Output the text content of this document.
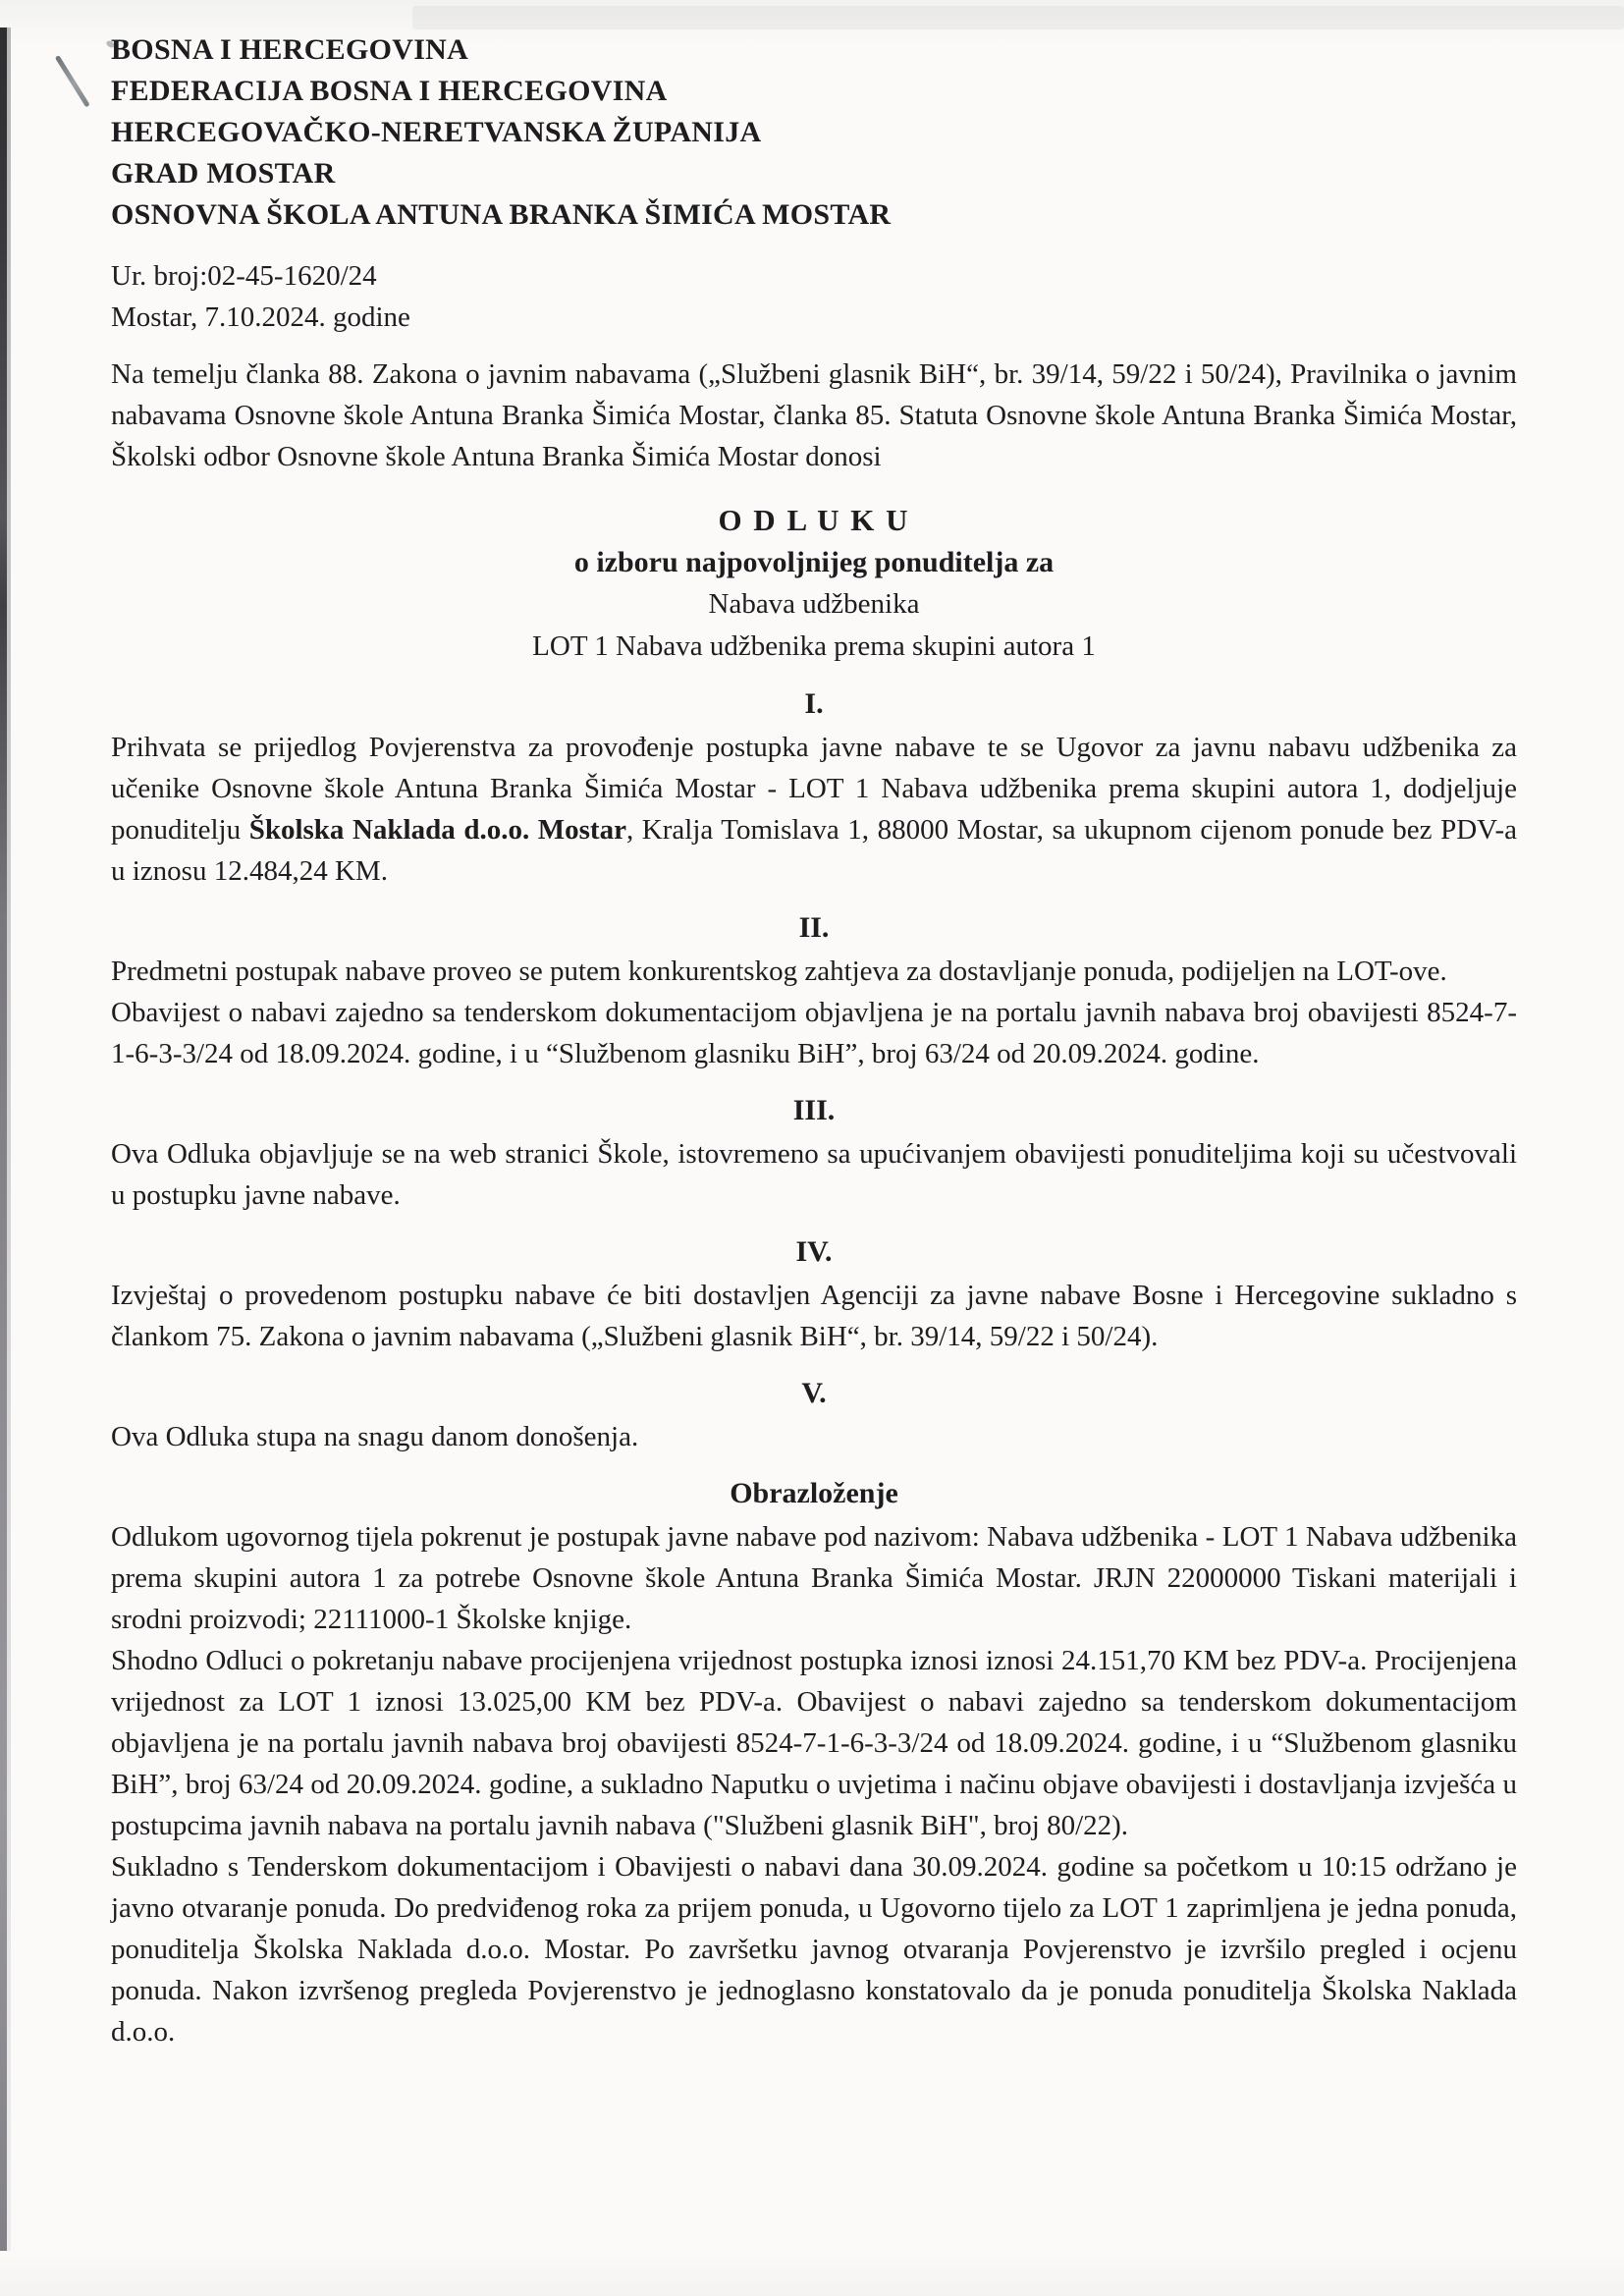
BOSNA I HERCEGOVINA
FEDERACIJA BOSNA I HERCEGOVINA
HERCEGOVAČKO-NERETVANSKA ŽUPANIJA
GRAD MOSTAR
OSNOVNA ŠKOLA ANTUNA BRANKA ŠIMIĆA MOSTAR
Ur. broj:02-45-1620/24
Mostar, 7.10.2024. godine

Na temelju članka 88. Zakona o javnim nabavama („Službeni glasnik BiH“, br. 39/14, 59/22 i 50/24), Pravilnika o javnim nabavama Osnovne škole Antuna Branka Šimića Mostar, članka 85. Statuta Osnovne škole Antuna Branka Šimića Mostar, Školski odbor Osnovne škole Antuna Branka Šimića Mostar donosi

O D L U K U
o izboru najpovoljnijeg ponuditelja za
Nabava udžbenika
LOT 1 Nabava udžbenika prema skupini autora 1
I.

Prihvata se prijedlog Povjerenstva za provođenje postupka javne nabave te se Ugovor za javnu nabavu udžbenika za učenike Osnovne škole Antuna Branka Šimića Mostar - LOT 1 Nabava udžbenika prema skupini autora 1, dodjeljuje ponuditelju Školska Naklada d.o.o. Mostar, Kralja Tomislava 1, 88000 Mostar, sa ukupnom cijenom ponude bez PDV-a u iznosu 12.484,24 KM.

II.

Predmetni postupak nabave proveo se putem konkurentskog zahtjeva za dostavljanje ponuda, podijeljen na LOT-ove.

Obavijest o nabavi zajedno sa tenderskom dokumentacijom objavljena je na portalu javnih nabava broj obavijesti 8524-7-1-6-3-3/24 od 18.09.2024. godine, i u “Službenom glasniku BiH”, broj 63/24 od 20.09.2024. godine.

III.

Ova Odluka objavljuje se na web stranici Škole, istovremeno sa upućivanjem obavijesti ponuditeljima koji su učestvovali u postupku javne nabave.

IV.

Izvještaj o provedenom postupku nabave će biti dostavljen Agenciji za javne nabave Bosne i Hercegovine sukladno s člankom 75. Zakona o javnim nabavama („Službeni glasnik BiH“, br. 39/14, 59/22 i 50/24).

V.

Ova Odluka stupa na snagu danom donošenja.

Obrazloženje

Odlukom ugovornog tijela pokrenut je postupak javne nabave pod nazivom: Nabava udžbenika - LOT 1 Nabava udžbenika prema skupini autora 1 za potrebe Osnovne škole Antuna Branka Šimića Mostar. JRJN 22000000 Tiskani materijali i srodni proizvodi; 22111000-1 Školske knjige.

Shodno Odluci o pokretanju nabave procijenjena vrijednost postupka iznosi iznosi 24.151,70 KM bez PDV-a. Procijenjena vrijednost za LOT 1 iznosi 13.025,00 KM bez PDV-a. Obavijest o nabavi zajedno sa tenderskom dokumentacijom objavljena je na portalu javnih nabava broj obavijesti 8524-7-1-6-3-3/24 od 18.09.2024. godine, i u “Službenom glasniku BiH”, broj 63/24 od 20.09.2024. godine, a sukladno Naputku o uvjetima i načinu objave obavijesti i dostavljanja izvješća u postupcima javnih nabava na portalu javnih nabava ("Službeni glasnik BiH", broj 80/22).

Sukladno s Tenderskom dokumentacijom i Obavijesti o nabavi dana 30.09.2024. godine sa početkom u 10:15 održano je javno otvaranje ponuda. Do predviđenog roka za prijem ponuda, u Ugovorno tijelo za LOT 1 zaprimljena je jedna ponuda, ponuditelja Školska Naklada d.o.o. Mostar. Po završetku javnog otvaranja Povjerenstvo je izvršilo pregled i ocjenu ponuda. Nakon izvršenog pregleda Povjerenstvo je jednoglasno konstatovalo da je ponuda ponuditelja Školska Naklada d.o.o.
